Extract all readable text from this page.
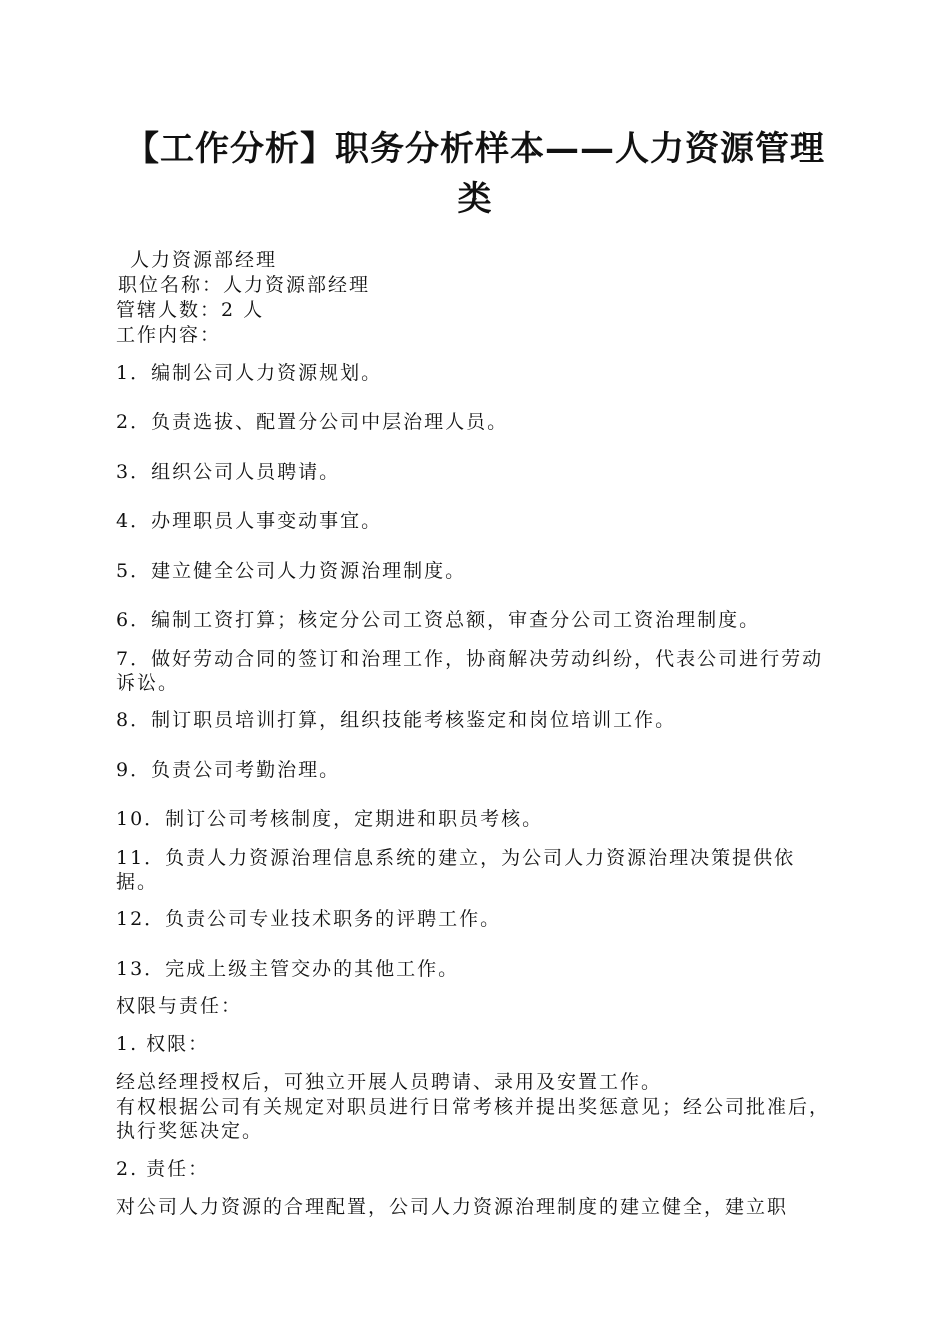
【工作分析】职务分析样本——人力资源管理
类
人力资源部经理
职位名称：人力资源部经理
管辖人数：2 人
工作内容：
1．编制公司人力资源规划。
2．负责选拔、配置分公司中层治理人员。
3．组织公司人员聘请。
4．办理职员人事变动事宜。
5．建立健全公司人力资源治理制度。
6．编制工资打算；核定分公司工资总额，审查分公司工资治理制度。
7．做好劳动合同的签订和治理工作，协商解决劳动纠纷，代表公司进行劳动诉讼。
8．制订职员培训打算，组织技能考核鉴定和岗位培训工作。
9．负责公司考勤治理。
10．制订公司考核制度，定期进和职员考核。
11．负责人力资源治理信息系统的建立，为公司人力资源治理决策提供依据。
12．负责公司专业技术职务的评聘工作。
13．完成上级主管交办的其他工作。
权限与责任：
1. 权限：
经总经理授权后，可独立开展人员聘请、录用及安置工作。
有权根据公司有关规定对职员进行日常考核并提出奖惩意见；经公司批准后，执行奖惩决定。
2. 责任：
对公司人力资源的合理配置，公司人力资源治理制度的建立健全，建立职
